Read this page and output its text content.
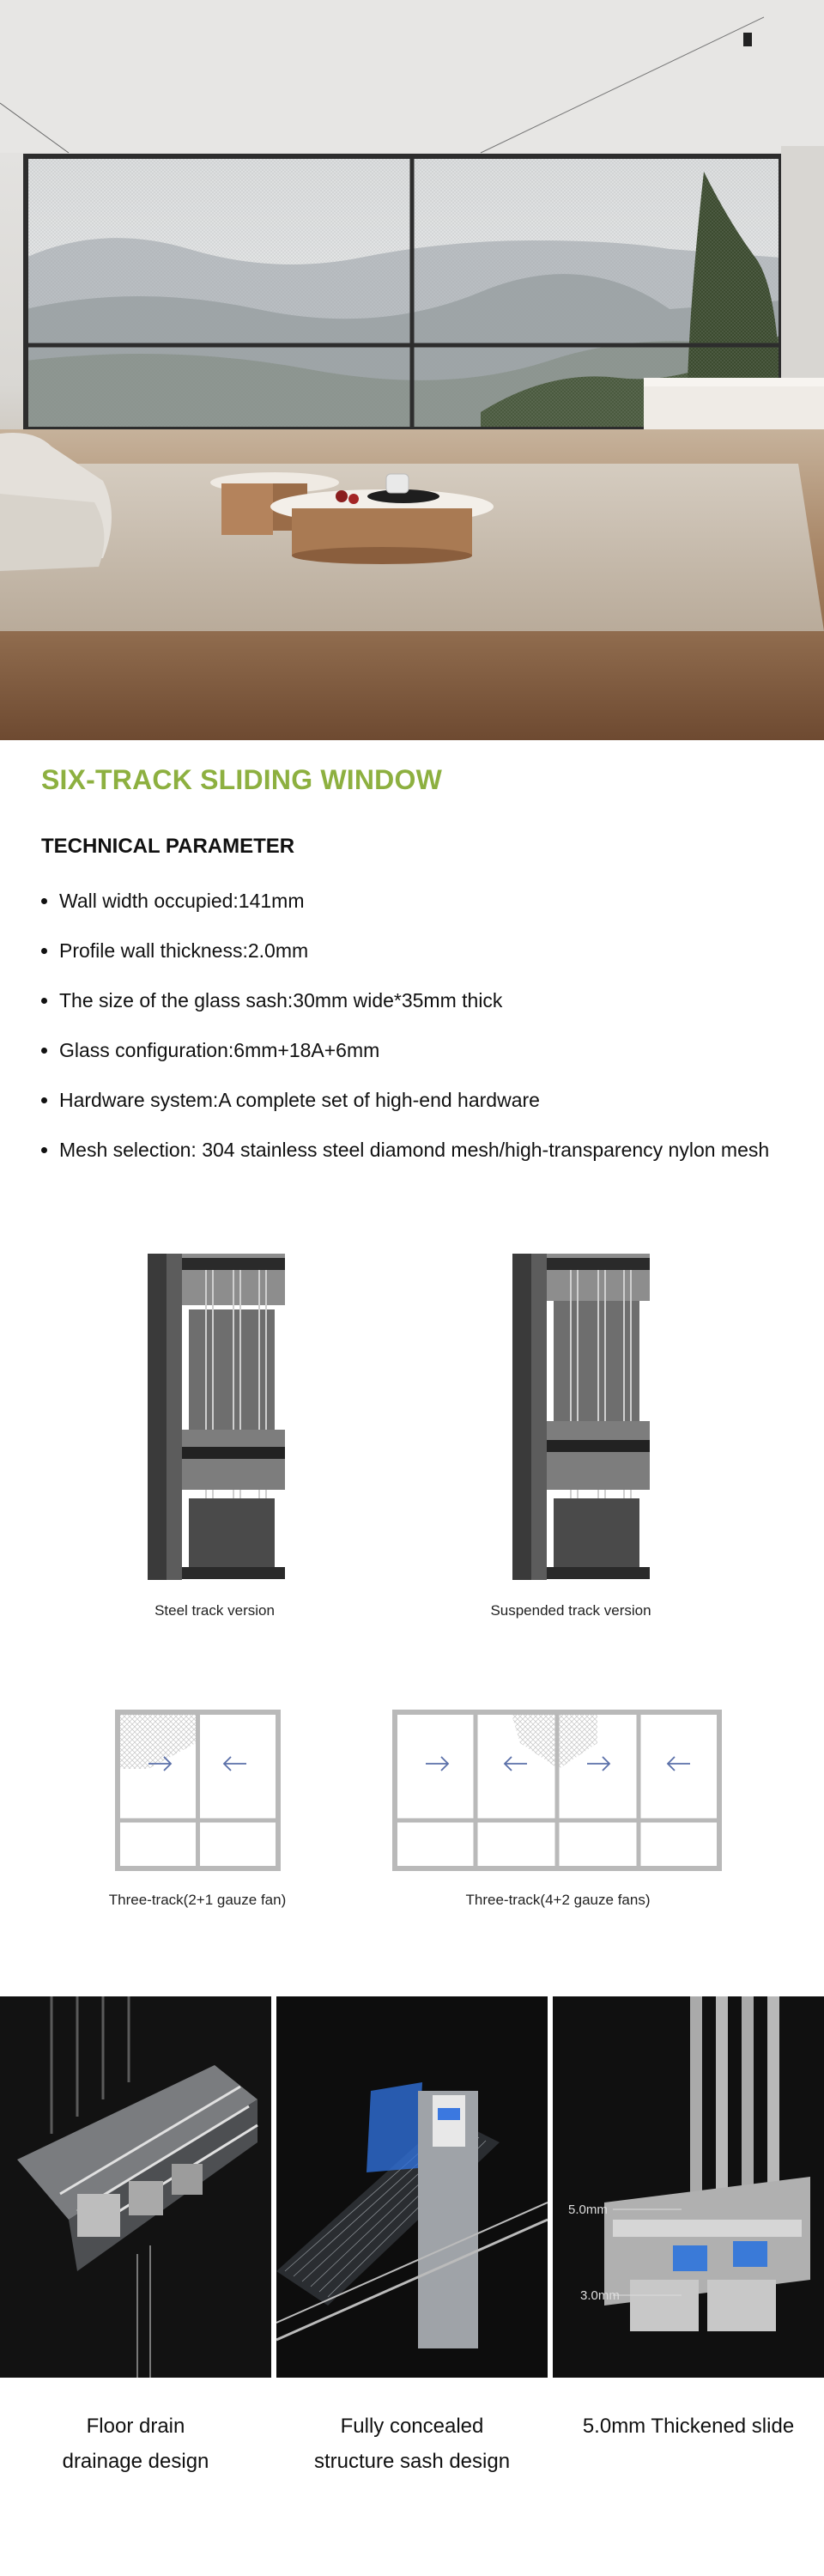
SIX-TRACK SLIDING WINDOW
TECHNICAL PARAMETER
Wall width occupied:141mm
Profile wall thickness:2.0mm
The size of the glass sash:30mm wide*35mm thick
Glass configuration:6mm+18A+6mm
Hardware system:A complete set of high-end hardware
Mesh selection: 304 stainless steel diamond mesh/high-transparency nylon mesh
Steel track version	Suspended track version
Three-track(2+1 gauze fan)	Three-track(4+2 gauze fans)
5.0mm
3.0mm
Floor drain
drainage design
Fully concealed
structure sash design
5.0mm Thickened slide
